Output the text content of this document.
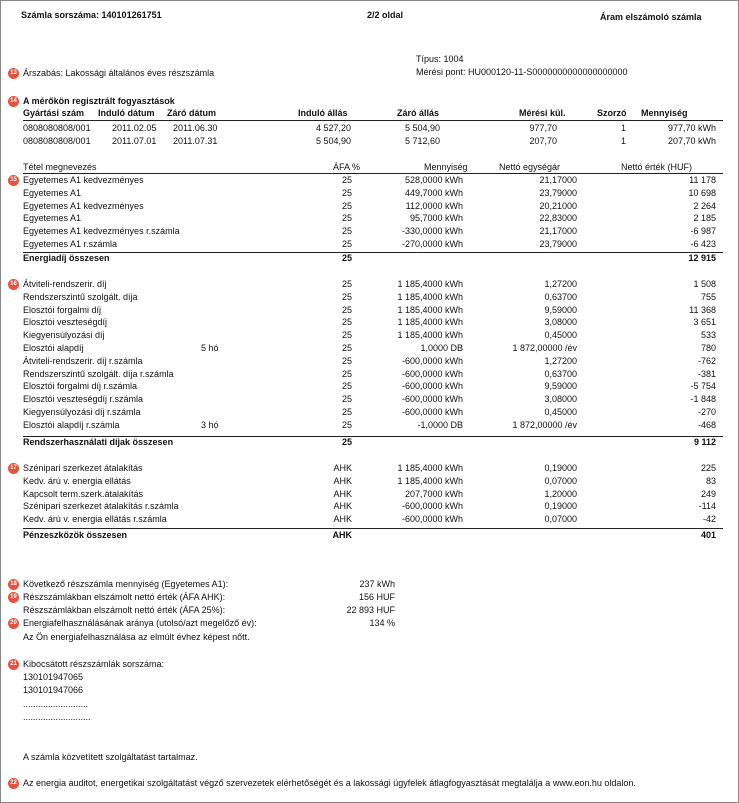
Számla sorszáma: 140101261751	2/2 oldal	Áram elszámoló számla
Típus: 1004
13 Árszabás: Lakossági általános éves részszámla	Mérési pont: HU000120-11-S0000000000000000000
14 A mérőkön regisztrált fogyasztások
Gyártási szám Induló dátum Záró dátum	Induló állás	Záró állás	Mérési kül.	Szorzó Mennyiség
0808080808/001 2011.02.05 2011.06.30	4 527,20	5 504,90	977,70	1	977,70 kWh
0808080808/001 2011.07.01 2011.07.31	5 504,90	5 712,60	207,70	1	207,70 kWh
Tétel megnevezés	ÁFA %	Mennyiség	Nettó egységár	Nettó érték (HUF)
15 Egyetemes A1 kedvezményes	25	528,0000 kWh	21,17000	11 178
Egyetemes A1	25	449,7000 kWh	23,79000	10 698
Egyetemes A1 kedvezményes	25	112,0000 kWh	20,21000	2 264
Egyetemes A1	25	95,7000 kWh	22,83000	2 185
Egyetemes A1 kedvezményes r.számla	25	-330,0000 kWh	21,17000	-6 987
Egyetemes A1 r.számla	25	-270,0000 kWh	23,79000	-6 423
Energiadíj összesen	25	12 915
16 Átviteli-rendszerir. díj	25	1 185,4000 kWh	1,27200	1 508
Rendszerszintű szolgált. díja	25	1 185,4000 kWh	0,63700	755
Elosztói forgalmi díj	25	1 185,4000 kWh	9,59000	11 368
Elosztói veszteségdíj	25	1 185,4000 kWh	3,08000	3 651
Kiegyensúlyozási díj	25	1 185,4000 kWh	0,45000	533
Elosztói alapdíj	5 hó	25	1,0000 DB	1 872,00000 /év	780
Átviteli-rendszerir. díj r.számla	25	-600,0000 kWh	1,27200	-762
Rendszerszintű szolgált. díja r.számla	25	-600,0000 kWh	0,63700	-381
Elosztói forgalmi díj r.számla	25	-600,0000 kWh	9,59000	-5 754
Elosztói veszteségdíj r.számla	25	-600,0000 kWh	3,08000	-1 848
Kiegyensúlyozási díj r.számla	25	-600,0000 kWh	0,45000	-270
Elosztói alapdíj r.számla	3 hó	25	-1,0000 DB	1 872,00000 /év	-468
Rendszerhasználati díjak összesen	25	9 112
17 Szénipari szerkezet átalakítás	AHK	1 185,4000 kWh	0,19000	225
Kedv. árú v. energia ellátás	AHK	1 185,4000 kWh	0,07000	83
Kapcsolt term.szerk.átalakítás	AHK	207,7000 kWh	1,20000	249
Szénipari szerkezet átalakítás r.számla	AHK	-600,0000 kWh	0,19000	-114
Kedv. árú v. energia ellátás r.számla	AHK	-600,0000 kWh	0,07000	-42
Pénzeszközök összesen	AHK	401
18
19
20
Következő részszámla mennyiség (Egyetemes A1):	237 kWh
Részszámlákban elszámolt nettó érték (ÁFA AHK):	156 HUF
Részszámlákban elszámolt nettó érték (ÁFA 25%):	22 893 HUF
Energiafelhasználásának aránya (utolsó/azt megelőző év):	134 %
Az Ön energiafelhasználása az elmúlt évhez képest nőtt.
21 Kibocsátott részszámlák sorszáma:
130101947065
130101947066
..........................
...........................
A számla közvetített szolgáltatást tartalmaz.
22 Az energia auditot, energetikai szolgáltatást végző szervezetek elérhetőségét és a lakossági ügyfelek átlagfogyasztását megtalálja a www.eon.hu oldalon.
